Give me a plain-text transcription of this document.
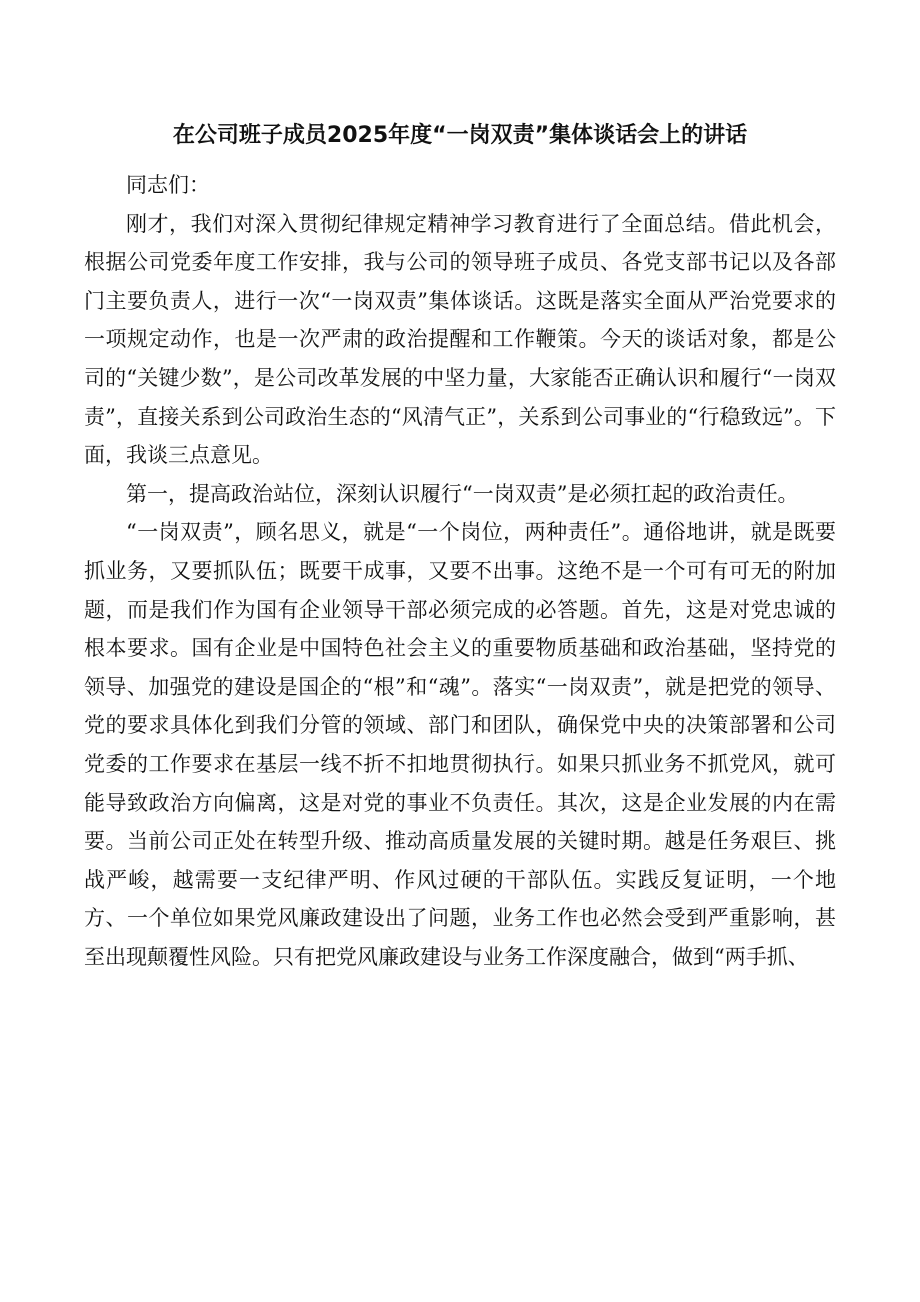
在公司班子成员2025年度“一岗双责”集体谈话会上的讲话

同志们：

刚才，我们对深入贯彻纪律规定精神学习教育进行了全面总结。借此机会，根据公司党委年度工作安排，我与公司的领导班子成员、各党支部书记以及各部门主要负责人，进行一次“一岗双责”集体谈话。这既是落实全面从严治党要求的一项规定动作，也是一次严肃的政治提醒和工作鞭策。今天的谈话对象，都是公司的“关键少数”，是公司改革发展的中坚力量，大家能否正确认识和履行“一岗双责”，直接关系到公司政治生态的“风清气正”，关系到公司事业的“行稳致远”。下面，我谈三点意见。

第一，提高政治站位，深刻认识履行“一岗双责”是必须扛起的政治责任。

“一岗双责”，顾名思义，就是“一个岗位，两种责任”。通俗地讲，就是既要抓业务，又要抓队伍；既要干成事，又要不出事。这绝不是一个可有可无的附加题，而是我们作为国有企业领导干部必须完成的必答题。首先，这是对党忠诚的根本要求。国有企业是中国特色社会主义的重要物质基础和政治基础，坚持党的领导、加强党的建设是国企的“根”和“魂”。落实“一岗双责”，就是把党的领导、党的要求具体化到我们分管的领域、部门和团队，确保党中央的决策部署和公司党委的工作要求在基层一线不折不扣地贯彻执行。如果只抓业务不抓党风，就可能导致政治方向偏离，这是对党的事业不负责任。其次，这是企业发展的内在需要。当前公司正处在转型升级、推动高质量发展的关键时期。越是任务艰巨、挑战严峻，越需要一支纪律严明、作风过硬的干部队伍。实践反复证明，一个地方、一个单位如果党风廉政建设出了问题，业务工作也必然会受到严重影响，甚至出现颠覆性风险。只有把党风廉政建设与业务工作深度融合，做到“两手抓、
